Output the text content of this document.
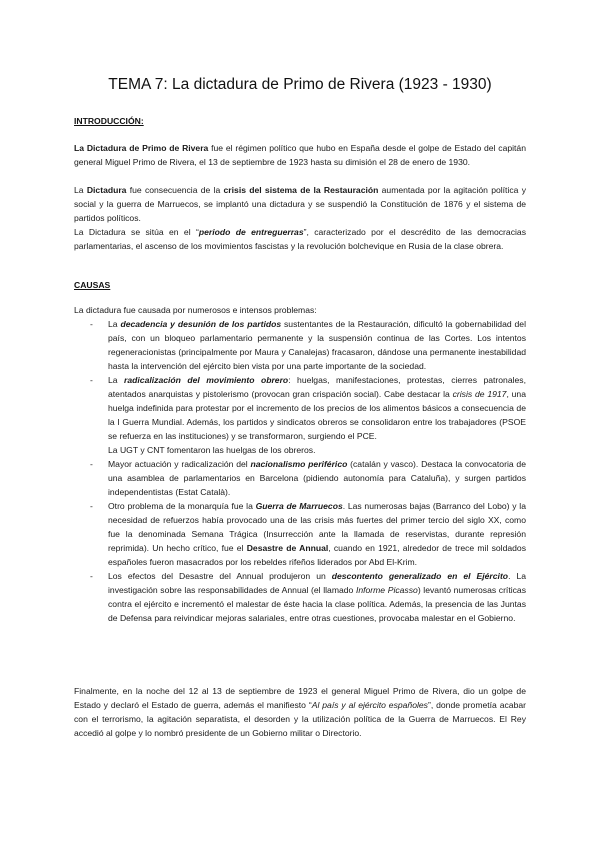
TEMA 7: La dictadura de Primo de Rivera (1923 - 1930)
INTRODUCCIÓN:
La Dictadura de Primo de Rivera fue el régimen político que hubo en España desde el golpe de Estado del capitán general Miguel Primo de Rivera, el 13 de septiembre de 1923 hasta su dimisión el 28 de enero de 1930.
La Dictadura fue consecuencia de la crisis del sistema de la Restauración aumentada por la agitación política y social y la guerra de Marruecos, se implantó una dictadura y se suspendió la Constitución de 1876 y el sistema de partidos políticos.
La Dictadura se sitúa en el “periodo de entreguerras”, caracterizado por el descrédito de las democracias parlamentarias, el ascenso de los movimientos fascistas y la revolución bolchevique en Rusia de la clase obrera.
CAUSAS
La dictadura fue causada por numerosos e intensos problemas:
- La decadencia y desunión de los partidos sustentantes de la Restauración, dificultó la gobernabilidad del país, con un bloqueo parlamentario permanente y la suspensión continua de las Cortes. Los intentos regeneracionistas (principalmente por Maura y Canalejas) fracasaron, dándose una permanente inestabilidad hasta la intervención del ejército bien vista por una parte importante de la sociedad.
- La radicalización del movimiento obrero: huelgas, manifestaciones, protestas, cierres patronales, atentados anarquistas y pistolerismo (provocan gran crispación social). Cabe destacar la crisis de 1917, una huelga indefinida para protestar por el incremento de los precios de los alimentos básicos a consecuencia de la I Guerra Mundial. Además, los partidos y sindicatos obreros se consolidaron entre los trabajadores (PSOE se refuerza en las instituciones) y se transformaron, surgiendo el PCE.
La UGT y CNT fomentaron las huelgas de los obreros.
- Mayor actuación y radicalización del nacionalismo periférico (catalán y vasco). Destaca la convocatoria de una asamblea de parlamentarios en Barcelona (pidiendo autonomía para Cataluña), y surgen partidos independentistas (Estat Català).
- Otro problema de la monarquía fue la Guerra de Marruecos. Las numerosas bajas (Barranco del Lobo) y la necesidad de refuerzos había provocado una de las crisis más fuertes del primer tercio del siglo XX, como fue la denominada Semana Trágica (Insurrección ante la llamada de reservistas, durante represión reprimida). Un hecho crítico, fue el Desastre de Annual, cuando en 1921, alrededor de trece mil soldados españoles fueron masacrados por los rebeldes rifeños liderados por Abd El-Krim.
- Los efectos del Desastre del Annual produjeron un descontento generalizado en el Ejército. La investigación sobre las responsabilidades de Annual (el llamado Informe Picasso) levantó numerosas críticas contra el ejército e incrementó el malestar de éste hacia la clase política. Además, la presencia de las Juntas de Defensa para reivindicar mejoras salariales, entre otras cuestiones, provocaba malestar en el Gobierno.
Finalmente, en la noche del 12 al 13 de septiembre de 1923 el general Miguel Primo de Rivera, dio un golpe de Estado y declaró el Estado de guerra, además el manifiesto “Al país y al ejército españoles”, donde prometía acabar con el terrorismo, la agitación separatista, el desorden y la utilización política de la Guerra de Marruecos. El Rey accedió al golpe y lo nombró presidente de un Gobierno militar o Directorio.
